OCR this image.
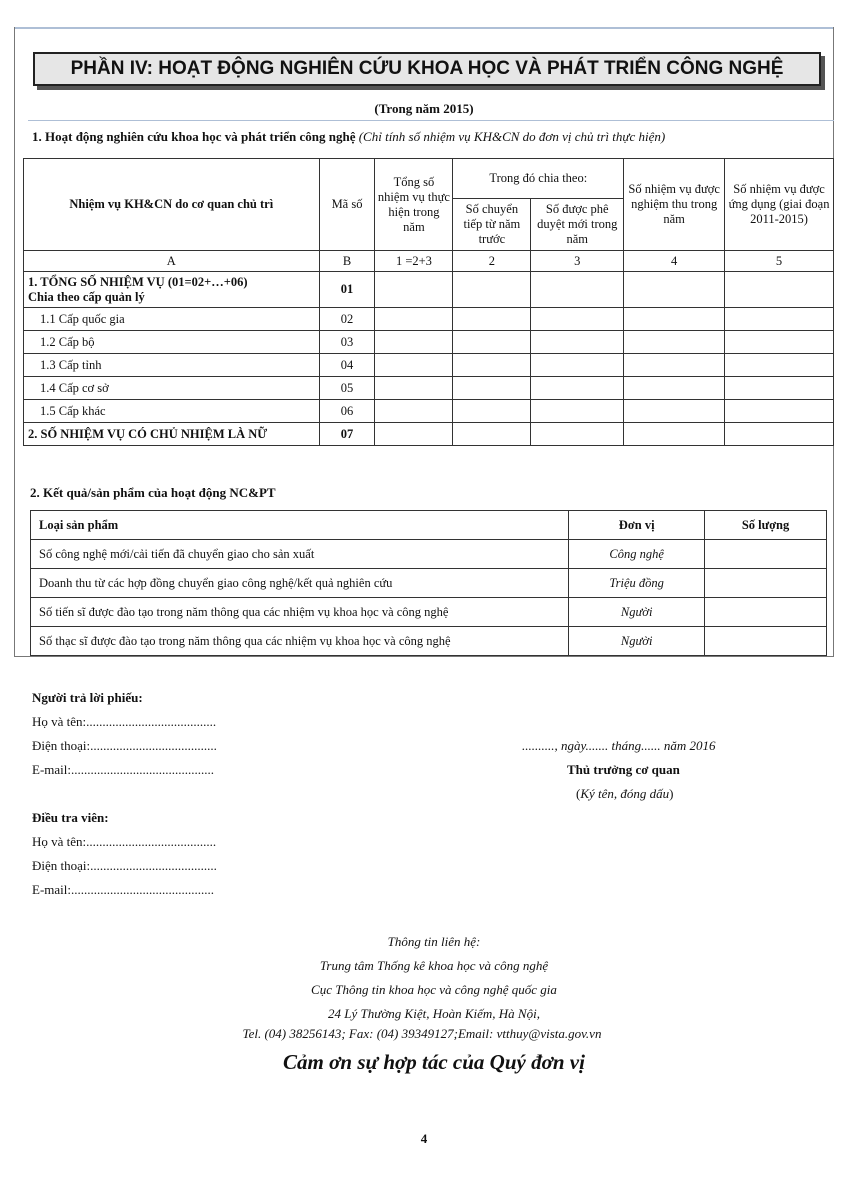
PHẦN IV: HOẠT ĐỘNG NGHIÊN CỨU KHOA HỌC VÀ PHÁT TRIỂN CÔNG NGHỆ
(Trong năm 2015)
1. Hoạt động nghiên cứu khoa học và phát triển công nghệ (Chỉ tính số nhiệm vụ KH&CN do đơn vị chủ trì thực hiện)
Nhiệm vụ KH&CN do cơ quan chủ trì	Mã số	Tổng số nhiệm vụ thực hiện trong năm	Trong đó chia theo:		Số nhiệm vụ được nghiệm thu trong năm	Số nhiệm vụ được ứng dụng (giai đoạn 2011-2015)
			Số chuyển tiếp từ năm trước	Số được phê duyệt mới trong năm		
A	B	1 =2+3	2	3	4	5

1. TỔNG SỐ NHIỆM VỤ (01=02+…+06)
Chia theo cấp quản lý	01					
1.1 Cấp quốc gia	02					
1.2 Cấp bộ	03					
1.3 Cấp tỉnh	04					
1.4 Cấp cơ sở	05					
1.5 Cấp khác	06					
2. SỐ NHIỆM VỤ CÓ CHỦ NHIỆM LÀ NỮ	07					
2. Kết quả/sản phẩm của hoạt động NC&PT
Loại sản phẩm	Đơn vị	Số lượng
Số công nghệ mới/cải tiến đã chuyển giao cho sản xuất	Công nghệ	
Doanh thu từ các hợp đồng chuyển giao công nghệ/kết quả nghiên cứu	Triệu đồng	
Số tiến sĩ được đào tạo trong năm thông qua các nhiệm vụ khoa học và công nghệ	Người	
Số thạc sĩ được đào tạo trong năm thông qua các nhiệm vụ khoa học và công nghệ	Người	
Người trả lời phiếu:
Họ và tên:........................................
Điện thoại:.......................................
E-mail:............................................
.........., ngày....... tháng...... năm 2016
Thủ trưởng cơ quan
(Ký tên, đóng dấu)
Điều tra viên:
Họ và tên:........................................
Điện thoại:.......................................
E-mail:............................................
Thông tin liên hệ:
Trung tâm Thống kê khoa học và công nghệ
Cục Thông tin khoa học và công nghệ quốc gia
24 Lý Thường Kiệt, Hoàn Kiếm, Hà Nội,
Tel. (04) 38256143; Fax: (04) 39349127;Email: vtthuy@vista.gov.vn
Cảm ơn sự hợp tác của Quý đơn vị
4
